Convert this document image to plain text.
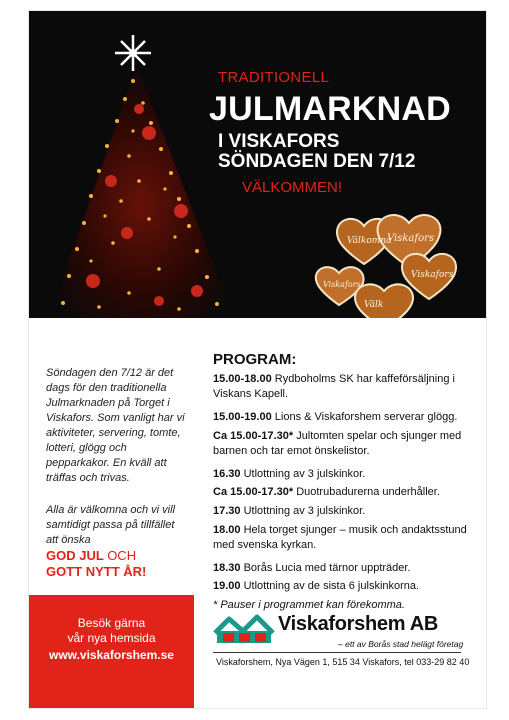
Välkomna
Viskafors
Viskafors
Viskafors
Välk
TRADITIONELL
JULMARKNAD
I VISKAFORS
SÖNDAGEN DEN 7/12
VÄLKOMMEN!

Söndagen den 7/12 är det dags för den traditionella Julmarknaden på Torget i Viskafors. Som vanligt har vi aktiviteter, servering, tomte, lotteri, glögg och pepparkakor. En kväll att träffas och trivas.

Alla är välkomna och vi vill samtidigt passa på tillfället att önska

GOD JUL OCH
GOTT NYTT ÅR!
Besök gärna
vår nya hemsida
www.viskaforshem.se
PROGRAM:
15.00-18.00 Rydboholms SK har kaffeförsäljning i Viskans Kapell.
15.00-19.00 Lions & Viskaforshem serverar glögg.
Ca 15.00-17.30* Jultomten spelar och sjunger med barnen och tar emot önskelistor.
16.30 Utlottning av 3 julskinkor.
Ca 15.00-17.30* Duotrubadurerna underhåller.
17.30 Utlottning av 3 julskinkor.
18.00 Hela torget sjunger – musik och andaktsstund med svenska kyrkan.
18.30 Borås Lucia med tärnor uppträder.
19.00 Utlottning av de sista 6 julskinkorna.
* Pauser i programmet kan förekomma.
Viskaforshem AB
– ett av Borås stad helägt företag
Viskaforshem, Nya Vägen 1, 515 34 Viskafors, tel 033-29 82 40
